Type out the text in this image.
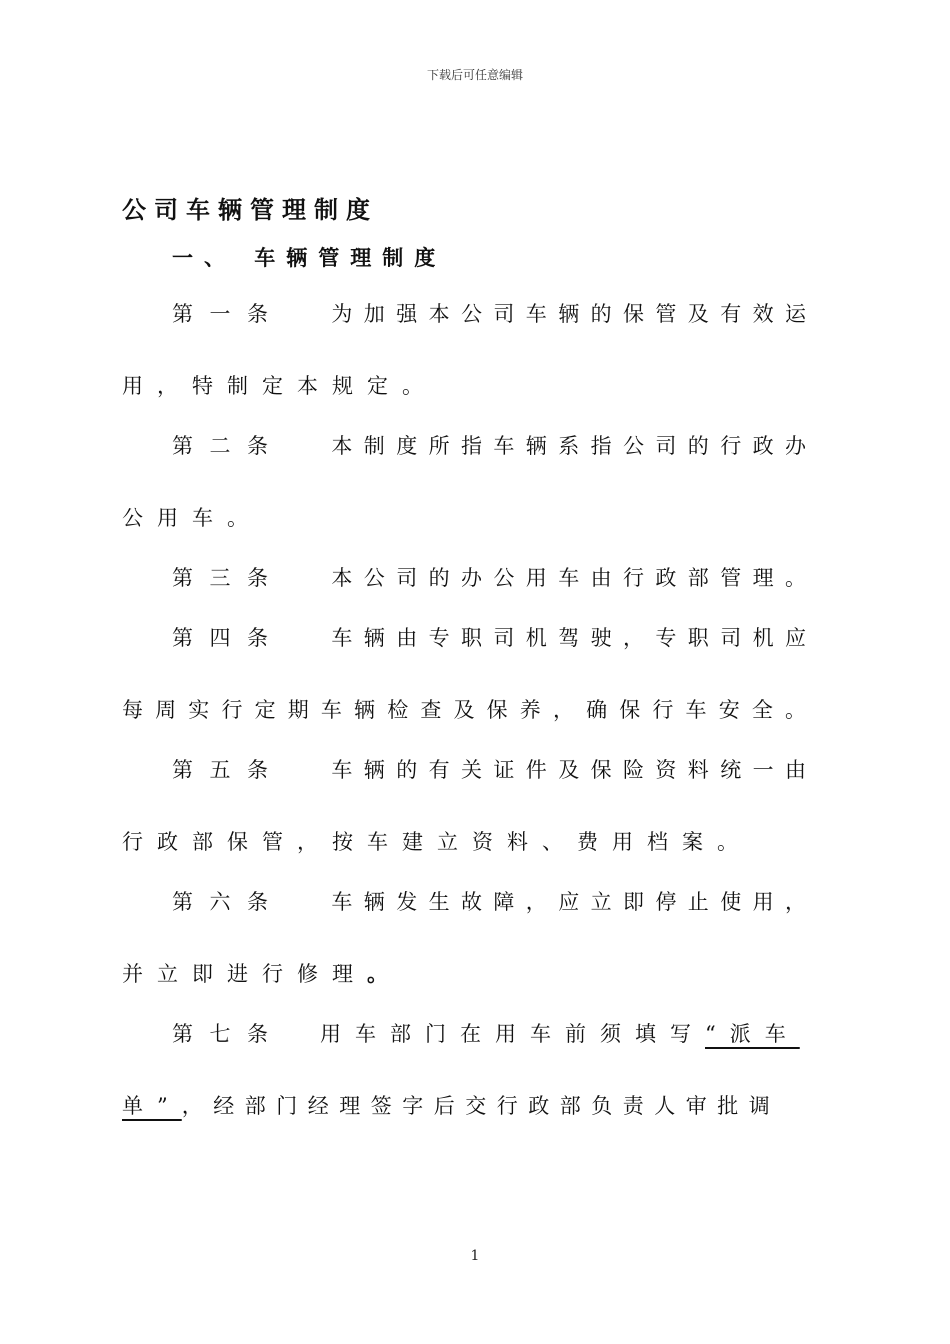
下载后可任意编辑
公司车辆管理制度
一、 车辆管理制度
第一条 为加强本公司车辆的保管及有效运
用，特制定本规定。
第二条 本制度所指车辆系指公司的行政办
公用车。
第三条 本公司的办公用车由行政部管理。
第四条 车辆由专职司机驾驶，专职司机应
每周实行定期车辆检查及保养，确保行车安全。
第五条 车辆的有关证件及保险资料统一由
行政部保管，按车建立资料、费用档案。
第六条 车辆发生故障，应立即停止使用，
并立即进行修理。
第七条 用车部门在用车前须填写“派车
单”，经部门经理签字后交行政部负责人审批调
1
